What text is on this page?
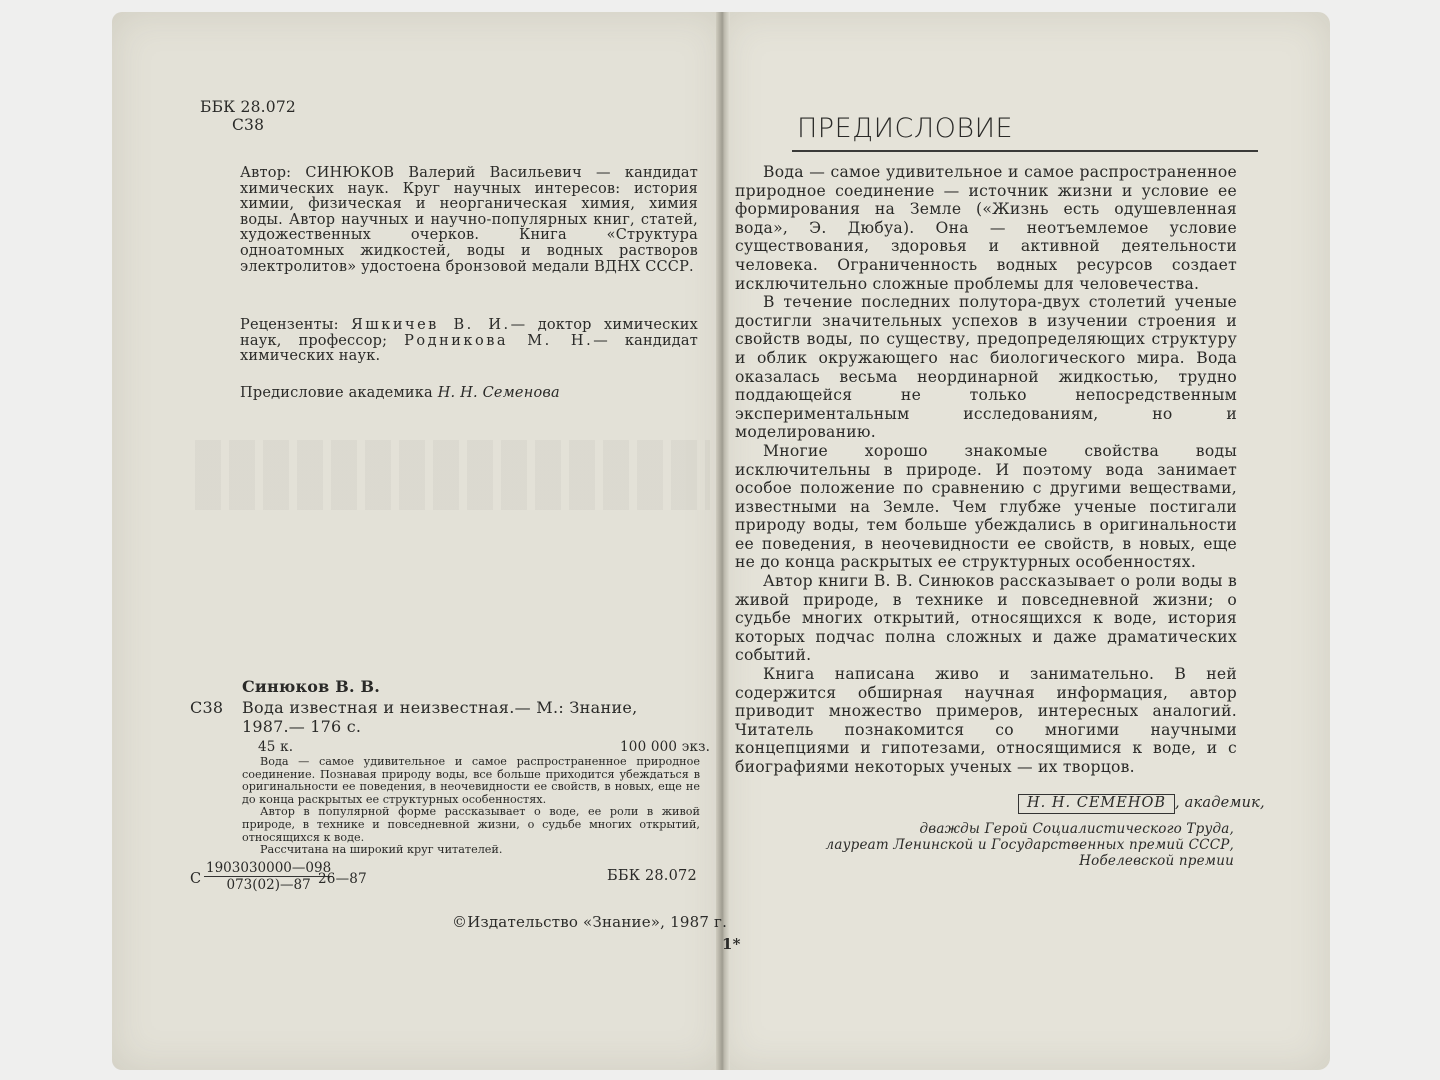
ББК 28.072
С38

Автор: СИНЮКОВ Валерий Васильевич — кандидат химических наук. Круг научных интересов: история химии, физическая и неорганическая химия, химия воды. Автор научных и научно-популярных книг, статей, художественных очерков. Книга «Структура одноатомных жидкостей, воды и водных растворов электролитов» удостоена бронзовой медали ВДНХ СССР.

Рецензенты: Яшкичев В. И.— доктор химических наук, профессор; Родникова М. Н.— кандидат химических наук.

Предисловие академика Н. Н. Семенова
Синюков В. В.
С38 Вода известная и неизвестная.— М.: Знание,
1987.— 176 с.
45 к.	100 000 экз.

Вода — самое удивительное и самое распространенное природное соединение. Познавая природу воды, все больше приходится убеждаться в оригинальности ее поведения, в неочевидности ее свойств, в новых, еще не до конца раскрытых ее структурных особенностях.

Автор в популярной форме рассказывает о воде, ее роли в живой природе, в технике и повседневной жизни, о судьбе многих открытий, относящихся к воде.

Рассчитана на широкий круг читателей.

С $\frac{1903030000—098}{073(02)—87}$
26—87	ББК 28.072
©Издательство «Знание», 1987 г.
ПРЕДИСЛОВИЕ

Вода — самое удивительное и самое распространенное природное соединение — источник жизни и условие ее формирования на Земле («Жизнь есть одушевленная вода», Э. Дюбуа). Она — неотъемлемое условие существования, здоровья и активной деятельности человека. Ограниченность водных ресурсов создает исключительно сложные проблемы для человечества.

В течение последних полутора-двух столетий ученые достигли значительных успехов в изучении строения и свойств воды, по существу, предопределяющих структуру и облик окружающего нас биологического мира. Вода оказалась весьма неординарной жидкостью, трудно поддающейся не только непосредственным экспериментальным исследованиям, но и моделированию.

Многие хорошо знакомые свойства воды исключительны в природе. И поэтому вода занимает особое положение по сравнению с другими веществами, известными на Земле. Чем глубже ученые постигали природу воды, тем больше убеждались в оригинальности ее поведения, в неочевидности ее свойств, в новых, еще не до конца раскрытых ее структурных особенностях.

Автор книги В. В. Синюков рассказывает о роли воды в живой природе, в технике и повседневной жизни; о судьбе многих открытий, относящихся к воде, история которых подчас полна сложных и даже драматических событий.

Книга написана живо и занимательно. В ней содержится обширная научная информация, автор приводит множество примеров, интересных аналогий. Читатель познакомится со многими научными концепциями и гипотезами, относящимися к воде, и с биографиями некоторых ученых — их творцов.

Н. Н. СЕМЕНОВ , академик,
дважды Герой Социалистического Труда,
лауреат Ленинской и Государственных премий СССР,
Нобелевской премии
1*
